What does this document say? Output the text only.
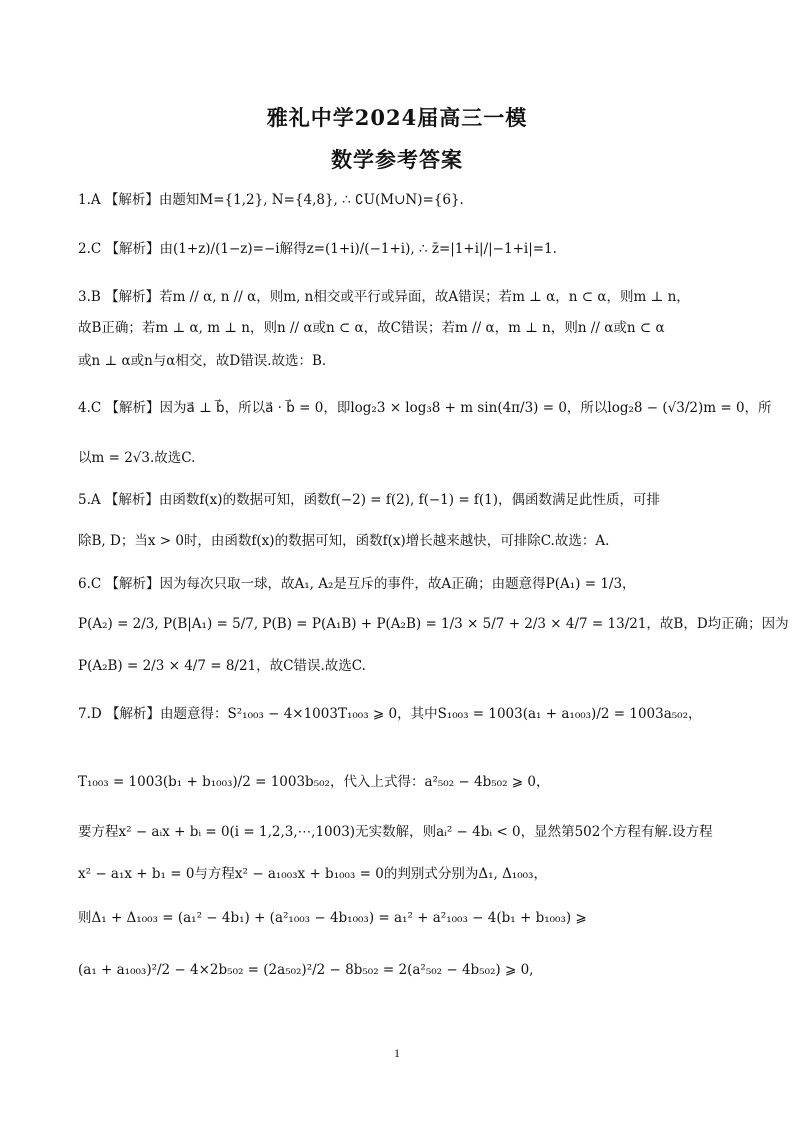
雅礼中学2024届高三一模
数学参考答案
1.A 【解析】由题知M={1,2}, N={4,8}, ∴ ∁U(M∪N)={6}.
2.C 【解析】由(1+z)/(1−z)=−i解得z=(1+i)/(−1+i), ∴ z̄=|1+i|/|−1+i|=1.
3.B 【解析】若m // α, n // α，则m, n相交或平行或异面，故A错误；若m ⊥ α，n ⊂ α，则m ⊥ n，
故B正确；若m ⊥ α, m ⊥ n，则n // α或n ⊂ α，故C错误；若m // α，m ⊥ n，则n // α或n ⊂ α
或n ⊥ α或n与α相交，故D错误.故选：B.
4.C 【解析】因为a⃗ ⊥ b⃗，所以a⃗ · b⃗ = 0，即log₂3 × log₃8 + m sin(4π/3) = 0，所以log₂8 − (√3/2)m = 0，所
以m = 2√3.故选C.
5.A 【解析】由函数f(x)的数据可知，函数f(−2) = f(2), f(−1) = f(1)，偶函数满足此性质，可排
除B, D；当x > 0时，由函数f(x)的数据可知，函数f(x)增长越来越快，可排除C.故选：A.
6.C 【解析】因为每次只取一球，故A₁, A₂是互斥的事件，故A正确；由题意得P(A₁) = 1/3，
P(A₂) = 2/3, P(B|A₁) = 5/7, P(B) = P(A₁B) + P(A₂B) = 1/3 × 5/7 + 2/3 × 4/7 = 13/21，故B，D均正确；因为
P(A₂B) = 2/3 × 4/7 = 8/21，故C错误.故选C.
7.D 【解析】由题意得：S²₁₀₀₃ − 4×1003T₁₀₀₃ ⩾ 0，其中S₁₀₀₃ = 1003(a₁ + a₁₀₀₃)/2 = 1003a₅₀₂，
T₁₀₀₃ = 1003(b₁ + b₁₀₀₃)/2 = 1003b₅₀₂，代入上式得：a²₅₀₂ − 4b₅₀₂ ⩾ 0，
要方程x² − aᵢx + bᵢ = 0(i = 1,2,3,⋯,1003)无实数解，则aᵢ² − 4bᵢ < 0，显然第502个方程有解.设方程
x² − a₁x + b₁ = 0与方程x² − a₁₀₀₃x + b₁₀₀₃ = 0的判别式分别为Δ₁, Δ₁₀₀₃，
则Δ₁ + Δ₁₀₀₃ = (a₁² − 4b₁) + (a²₁₀₀₃ − 4b₁₀₀₃) = a₁² + a²₁₀₀₃ − 4(b₁ + b₁₀₀₃) ⩾
(a₁ + a₁₀₀₃)²/2 − 4×2b₅₀₂ = (2a₅₀₂)²/2 − 8b₅₀₂ = 2(a²₅₀₂ − 4b₅₀₂) ⩾ 0,
1
